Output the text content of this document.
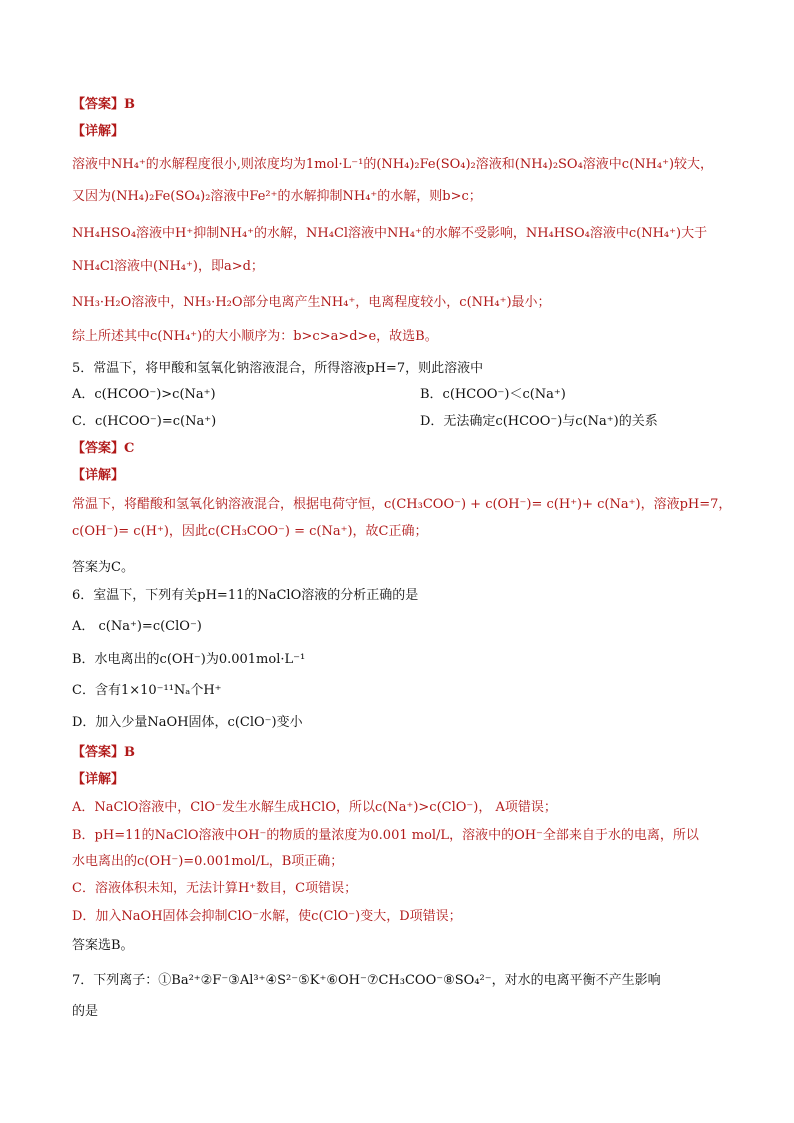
【答案】B
【详解】
溶液中NH₄⁺的水解程度很小,则浓度均为1mol·L⁻¹的(NH₄)₂Fe(SO₄)₂溶液和(NH₄)₂SO₄溶液中c(NH₄⁺)较大，
又因为(NH₄)₂Fe(SO₄)₂溶液中Fe²⁺的水解抑制NH₄⁺的水解，则b>c；
NH₄HSO₄溶液中H⁺抑制NH₄⁺的水解，NH₄Cl溶液中NH₄⁺的水解不受影响，NH₄HSO₄溶液中c(NH₄⁺)大于
NH₄Cl溶液中(NH₄⁺)，即a>d；
NH₃·H₂O溶液中，NH₃·H₂O部分电离产生NH₄⁺，电离程度较小，c(NH₄⁺)最小；
综上所述其中c(NH₄⁺)的大小顺序为：b>c>a>d>e，故选B。
5．常温下，将甲酸和氢氧化钠溶液混合，所得溶液pH=7，则此溶液中
A．c(HCOO⁻)>c(Na⁺)	B．c(HCOO⁻)＜c(Na⁺)
C．c(HCOO⁻)=c(Na⁺)	D．无法确定c(HCOO⁻)与c(Na⁺)的关系
【答案】C
【详解】
常温下，将醋酸和氢氧化钠溶液混合，根据电荷守恒，c(CH₃COO⁻) + c(OH⁻)= c(H⁺)+ c(Na⁺)，溶液pH=7，
c(OH⁻)= c(H⁺)，因此c(CH₃COO⁻) = c(Na⁺)，故C正确；
答案为C。
6．室温下，下列有关pH=11的NaClO溶液的分析正确的是
A． c(Na⁺)=c(ClO⁻)
B．水电离出的c(OH⁻)为0.001mol·L⁻¹
C．含有1×10⁻¹¹Nₐ个H⁺
D．加入少量NaOH固体，c(ClO⁻)变小
【答案】B
【详解】
A．NaClO溶液中，ClO⁻发生水解生成HClO，所以c(Na⁺)>c(ClO⁻)， A项错误；
B．pH=11的NaClO溶液中OH⁻的物质的量浓度为0.001 mol/L，溶液中的OH⁻全部来自于水的电离，所以
水电离出的c(OH⁻)=0.001mol/L，B项正确；
C．溶液体积未知，无法计算H⁺数目，C项错误；
D．加入NaOH固体会抑制ClO⁻水解，使c(ClO⁻)变大，D项错误；
答案选B。
7．下列离子：①Ba²⁺②F⁻③Al³⁺④S²⁻⑤K⁺⑥OH⁻⑦CH₃COO⁻⑧SO₄²⁻，对水的电离平衡不产生影响
的是
